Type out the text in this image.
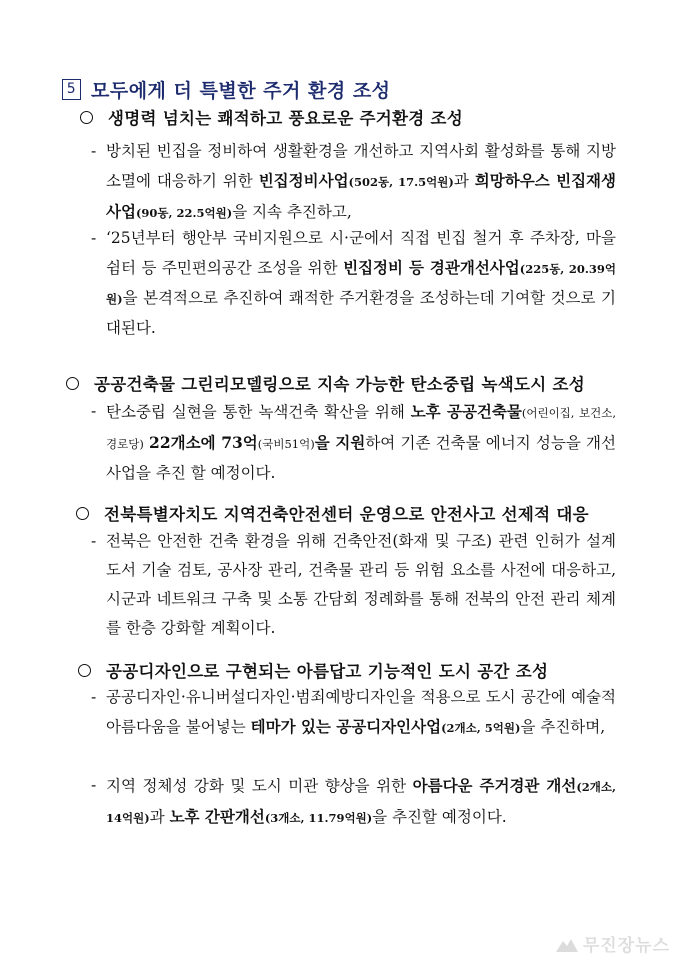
5 모두에게 더 특별한 주거 환경 조성
생명력 넘치는 쾌적하고 풍요로운 주거환경 조성
- 방치된 빈집을 정비하여 생활환경을 개선하고 지역사회 활성화를 통해 지방소멸에 대응하기 위한 빈집정비사업(502동, 17.5억원)과 희망하우스 빈집재생사업(90동, 22.5억원)을 지속 추진하고,
- ‘25년부터 행안부 국비지원으로 시·군에서 직접 빈집 철거 후 주차장, 마을쉼터 등 주민편의공간 조성을 위한 빈집정비 등 경관개선사업(225동, 20.39억원)을 본격적으로 추진하여 쾌적한 주거환경을 조성하는데 기여할 것으로 기대된다.
공공건축물 그린리모델링으로 지속 가능한 탄소중립 녹색도시 조성
- 탄소중립 실현을 통한 녹색건축 확산을 위해 노후 공공건축물(어린이집, 보건소, 경로당) 22개소에 73억(국비51억)을 지원하여 기존 건축물 에너지 성능을 개선 사업을 추진 할 예정이다.
전북특별자치도 지역건축안전센터 운영으로 안전사고 선제적 대응
- 전북은 안전한 건축 환경을 위해 건축안전(화재 및 구조) 관련 인허가 설계도서 기술 검토, 공사장 관리, 건축물 관리 등 위험 요소를 사전에 대응하고, 시군과 네트워크 구축 및 소통 간담회 정례화를 통해 전북의 안전 관리 체계를 한층 강화할 계획이다.
공공디자인으로 구현되는 아름답고 기능적인 도시 공간 조성
- 공공디자인·유니버설디자인·범죄예방디자인을 적용으로 도시 공간에 예술적 아름다움을 불어넣는 테마가 있는 공공디자인사업(2개소, 5억원)을 추진하며,
- 지역 정체성 강화 및 도시 미관 향상을 위한 아름다운 주거경관 개선(2개소, 14억원)과 노후 간판개선(3개소, 11.79억원)을 추진할 예정이다.
무진장뉴스
